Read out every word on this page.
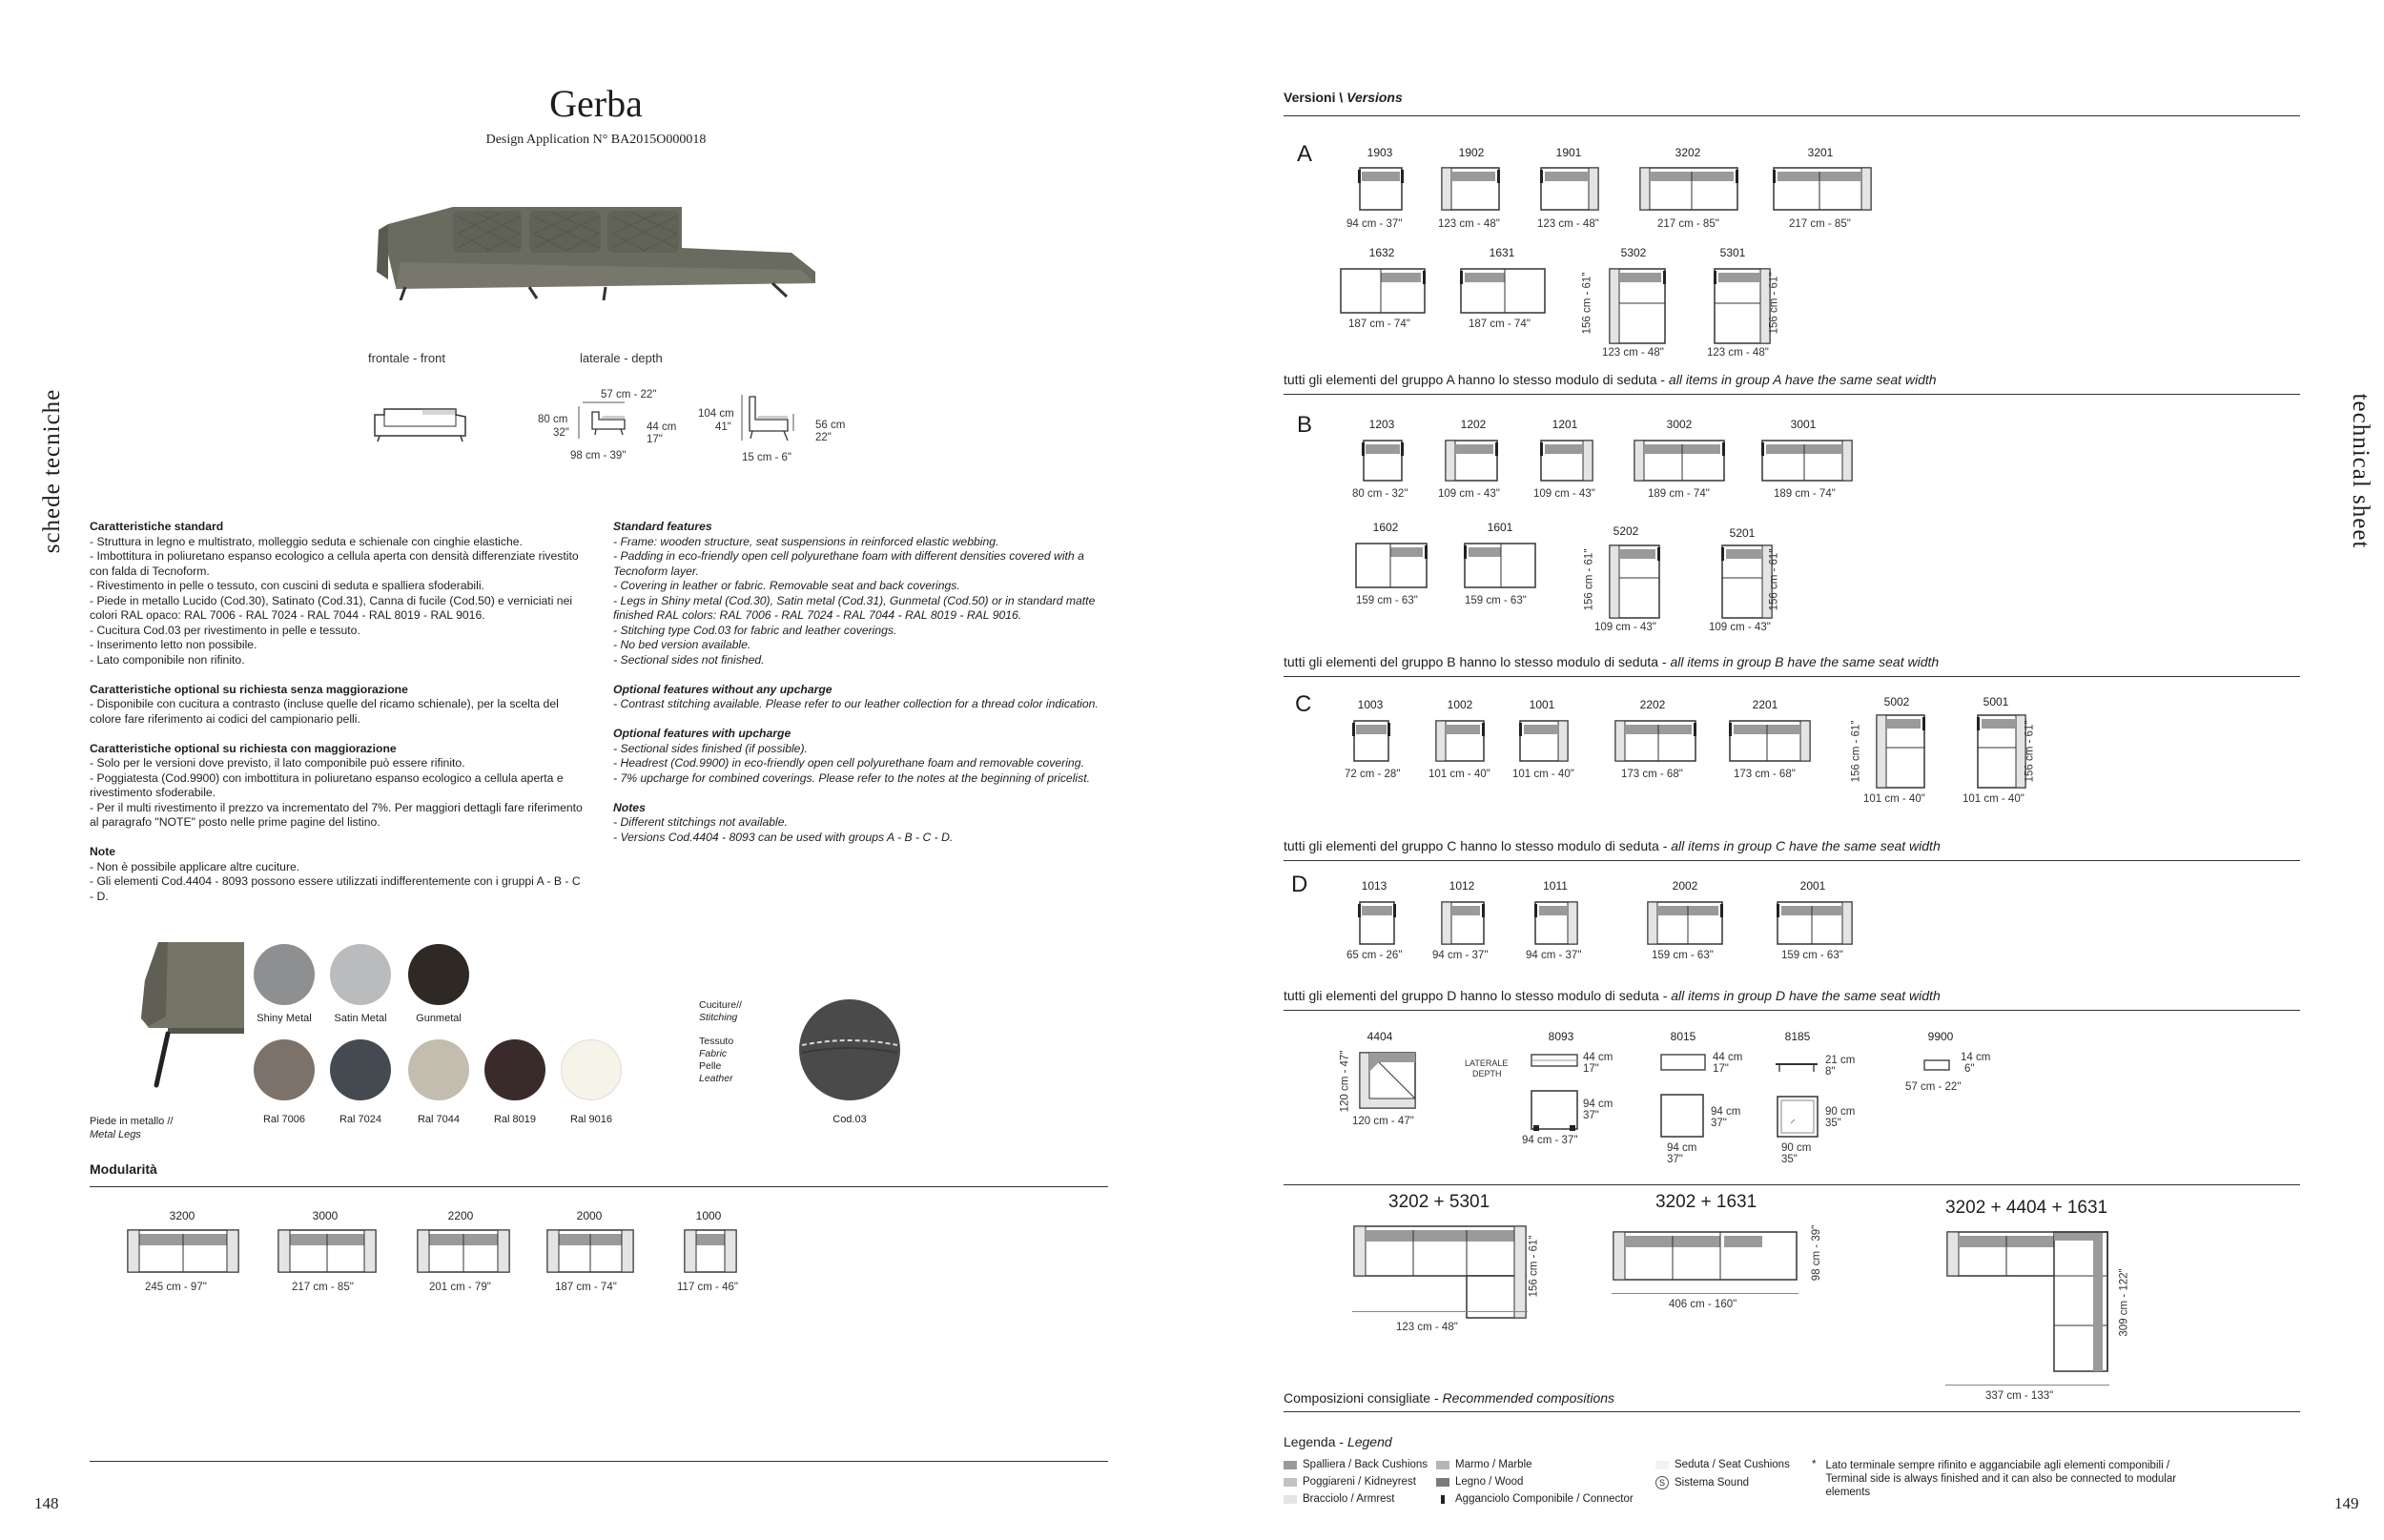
schede tecniche
148
Gerba
Design Application N° BA2015O000018
frontale - front	laterale - depth
57 cm - 22"
80 cm
32"	44 cm
17"
98 cm - 39"
104 cm
41"	56 cm
22"
15 cm - 6"
Caratteristiche standard
- Struttura in legno e multistrato, molleggio seduta e schienale con cinghie elastiche.
- Imbottitura in poliuretano espanso ecologico a cellula aperta con densità differenziate rivestito con falda di Tecnoform.
- Rivestimento in pelle o tessuto, con cuscini di seduta e spalliera sfoderabili.
- Piede in metallo Lucido (Cod.30), Satinato (Cod.31), Canna di fucile (Cod.50) e verniciati nei colori RAL opaco: RAL 7006 - RAL 7024 - RAL 7044 - RAL 8019 - RAL 9016.
- Cucitura Cod.03 per rivestimento in pelle e tessuto.
- Inserimento letto non possibile.
- Lato componibile non rifinito.
Caratteristiche optional su richiesta senza maggiorazione
- Disponibile con cucitura a contrasto (incluse quelle del ricamo schienale), per la scelta del colore fare riferimento ai codici del campionario pelli.
Caratteristiche optional su richiesta con maggiorazione
- Solo per le versioni dove previsto, il lato componibile può essere rifinito.
- Poggiatesta (Cod.9900) con imbottitura in poliuretano espanso ecologico a cellula aperta e rivestimento sfoderabile.
- Per il multi rivestimento il prezzo va incrementato del 7%. Per maggiori dettagli fare riferimento al paragrafo "NOTE" posto nelle prime pagine del listino.
Note
- Non è possibile applicare altre cuciture.
- Gli elementi Cod.4404 - 8093 possono essere utilizzati indifferentemente con i gruppi A - B - C - D.
Standard features
- Frame: wooden structure, seat suspensions in reinforced elastic webbing.
- Padding in eco-friendly open cell polyurethane foam with different densities covered with a Tecnoform layer.
- Covering in leather or fabric. Removable seat and back coverings.
- Legs in Shiny metal (Cod.30), Satin metal (Cod.31), Gunmetal (Cod.50) or in standard matte finished RAL colors: RAL 7006 - RAL 7024 - RAL 7044 - RAL 8019 - RAL 9016.
- Stitching type Cod.03 for fabric and leather coverings.
- No bed version available.
- Sectional sides not finished.
Optional features without any upcharge
- Contrast stitching available. Please refer to our leather collection for a thread color indication.
Optional features with upcharge
- Sectional sides finished (if possible).
- Headrest (Cod.9900) in eco-friendly open cell polyurethane foam and removable covering.
- 7% upcharge for combined coverings. Please refer to the notes at the beginning of pricelist.
Notes
- Different stitchings not available.
- Versions Cod.4404 - 8093 can be used with groups A - B - C - D.
Piede in metallo //
Metal Legs
Shiny Metal	Satin Metal	Gunmetal
Ral 7006	Ral 7024	Ral 7044	Ral 8019	Ral 9016
Cuciture//
Stitching
Tessuto
Fabric
Pelle
Leather
Cod.03
Modularità
3200
245 cm - 97"
3000
217 cm - 85"
2200
201 cm - 79"
2000
187 cm - 74"
1000
117 cm - 46"
technical sheet
149
Versioni \ Versions
A	1903
94 cm - 37"
1902
123 cm - 48"
1901
123 cm - 48"
3202
217 cm - 85"
3201
217 cm - 85"
1632
187 cm - 74"
1631
187 cm - 74"
5302
156 cm - 61"
123 cm - 48"
5301
156 cm - 61"
123 cm - 48"
tutti gli elementi del gruppo A hanno lo stesso modulo di seduta - all items in group A have the same seat width
B	1203
80 cm - 32"
1202
109 cm - 43"
1201
109 cm - 43"
3002
189 cm - 74"
3001
189 cm - 74"
1602
159 cm - 63"
1601
159 cm - 63"
5202
156 cm - 61"
109 cm - 43"
5201
156 cm - 61"
109 cm - 43"
tutti gli elementi del gruppo B hanno lo stesso modulo di seduta - all items in group B have the same seat width
C	1003
72 cm - 28"
1002
101 cm - 40"
1001
101 cm - 40"
2202
173 cm - 68"
2201
173 cm - 68"
5002
156 cm - 61"
101 cm - 40"
5001
156 cm - 61"
101 cm - 40"
tutti gli elementi del gruppo C hanno lo stesso modulo di seduta - all items in group C have the same seat width
D	1013
65 cm - 26"
1012
94 cm - 37"
1011
94 cm - 37"
2002
159 cm - 63"
2001
159 cm - 63"
tutti gli elementi del gruppo D hanno lo stesso modulo di seduta - all items in group D have the same seat width
4404
120 cm - 47"
120 cm - 47"
8093
LATERALE
DEPTH
44 cm
17"
94 cm
37"
94 cm - 37"
8015
44 cm
17"
94 cm
37"
94 cm
37"
8185
21 cm
8"
90 cm
35"
90 cm
35"
9900
14 cm
6"
57 cm - 22"
3202 + 5301
123 cm - 48"
156 cm - 61"
3202 + 1631
406 cm - 160"
98 cm - 39"
3202 + 4404 + 1631
337 cm - 133"
309 cm - 122"
Composizioni consigliate - Recommended compositions
Legenda - Legend
Spalliera / Back Cushions
Poggiareni / Kidneyrest
Bracciolo / Armrest
Marmo / Marble
Legno / Wood
Agganciolo Componibile / Connector
Seduta / Seat Cushions
S Sistema Sound
* Lato terminale sempre rifinito e agganciabile agli elementi componibili /
Terminal side is always finished and it can also be connected to modular
elements
